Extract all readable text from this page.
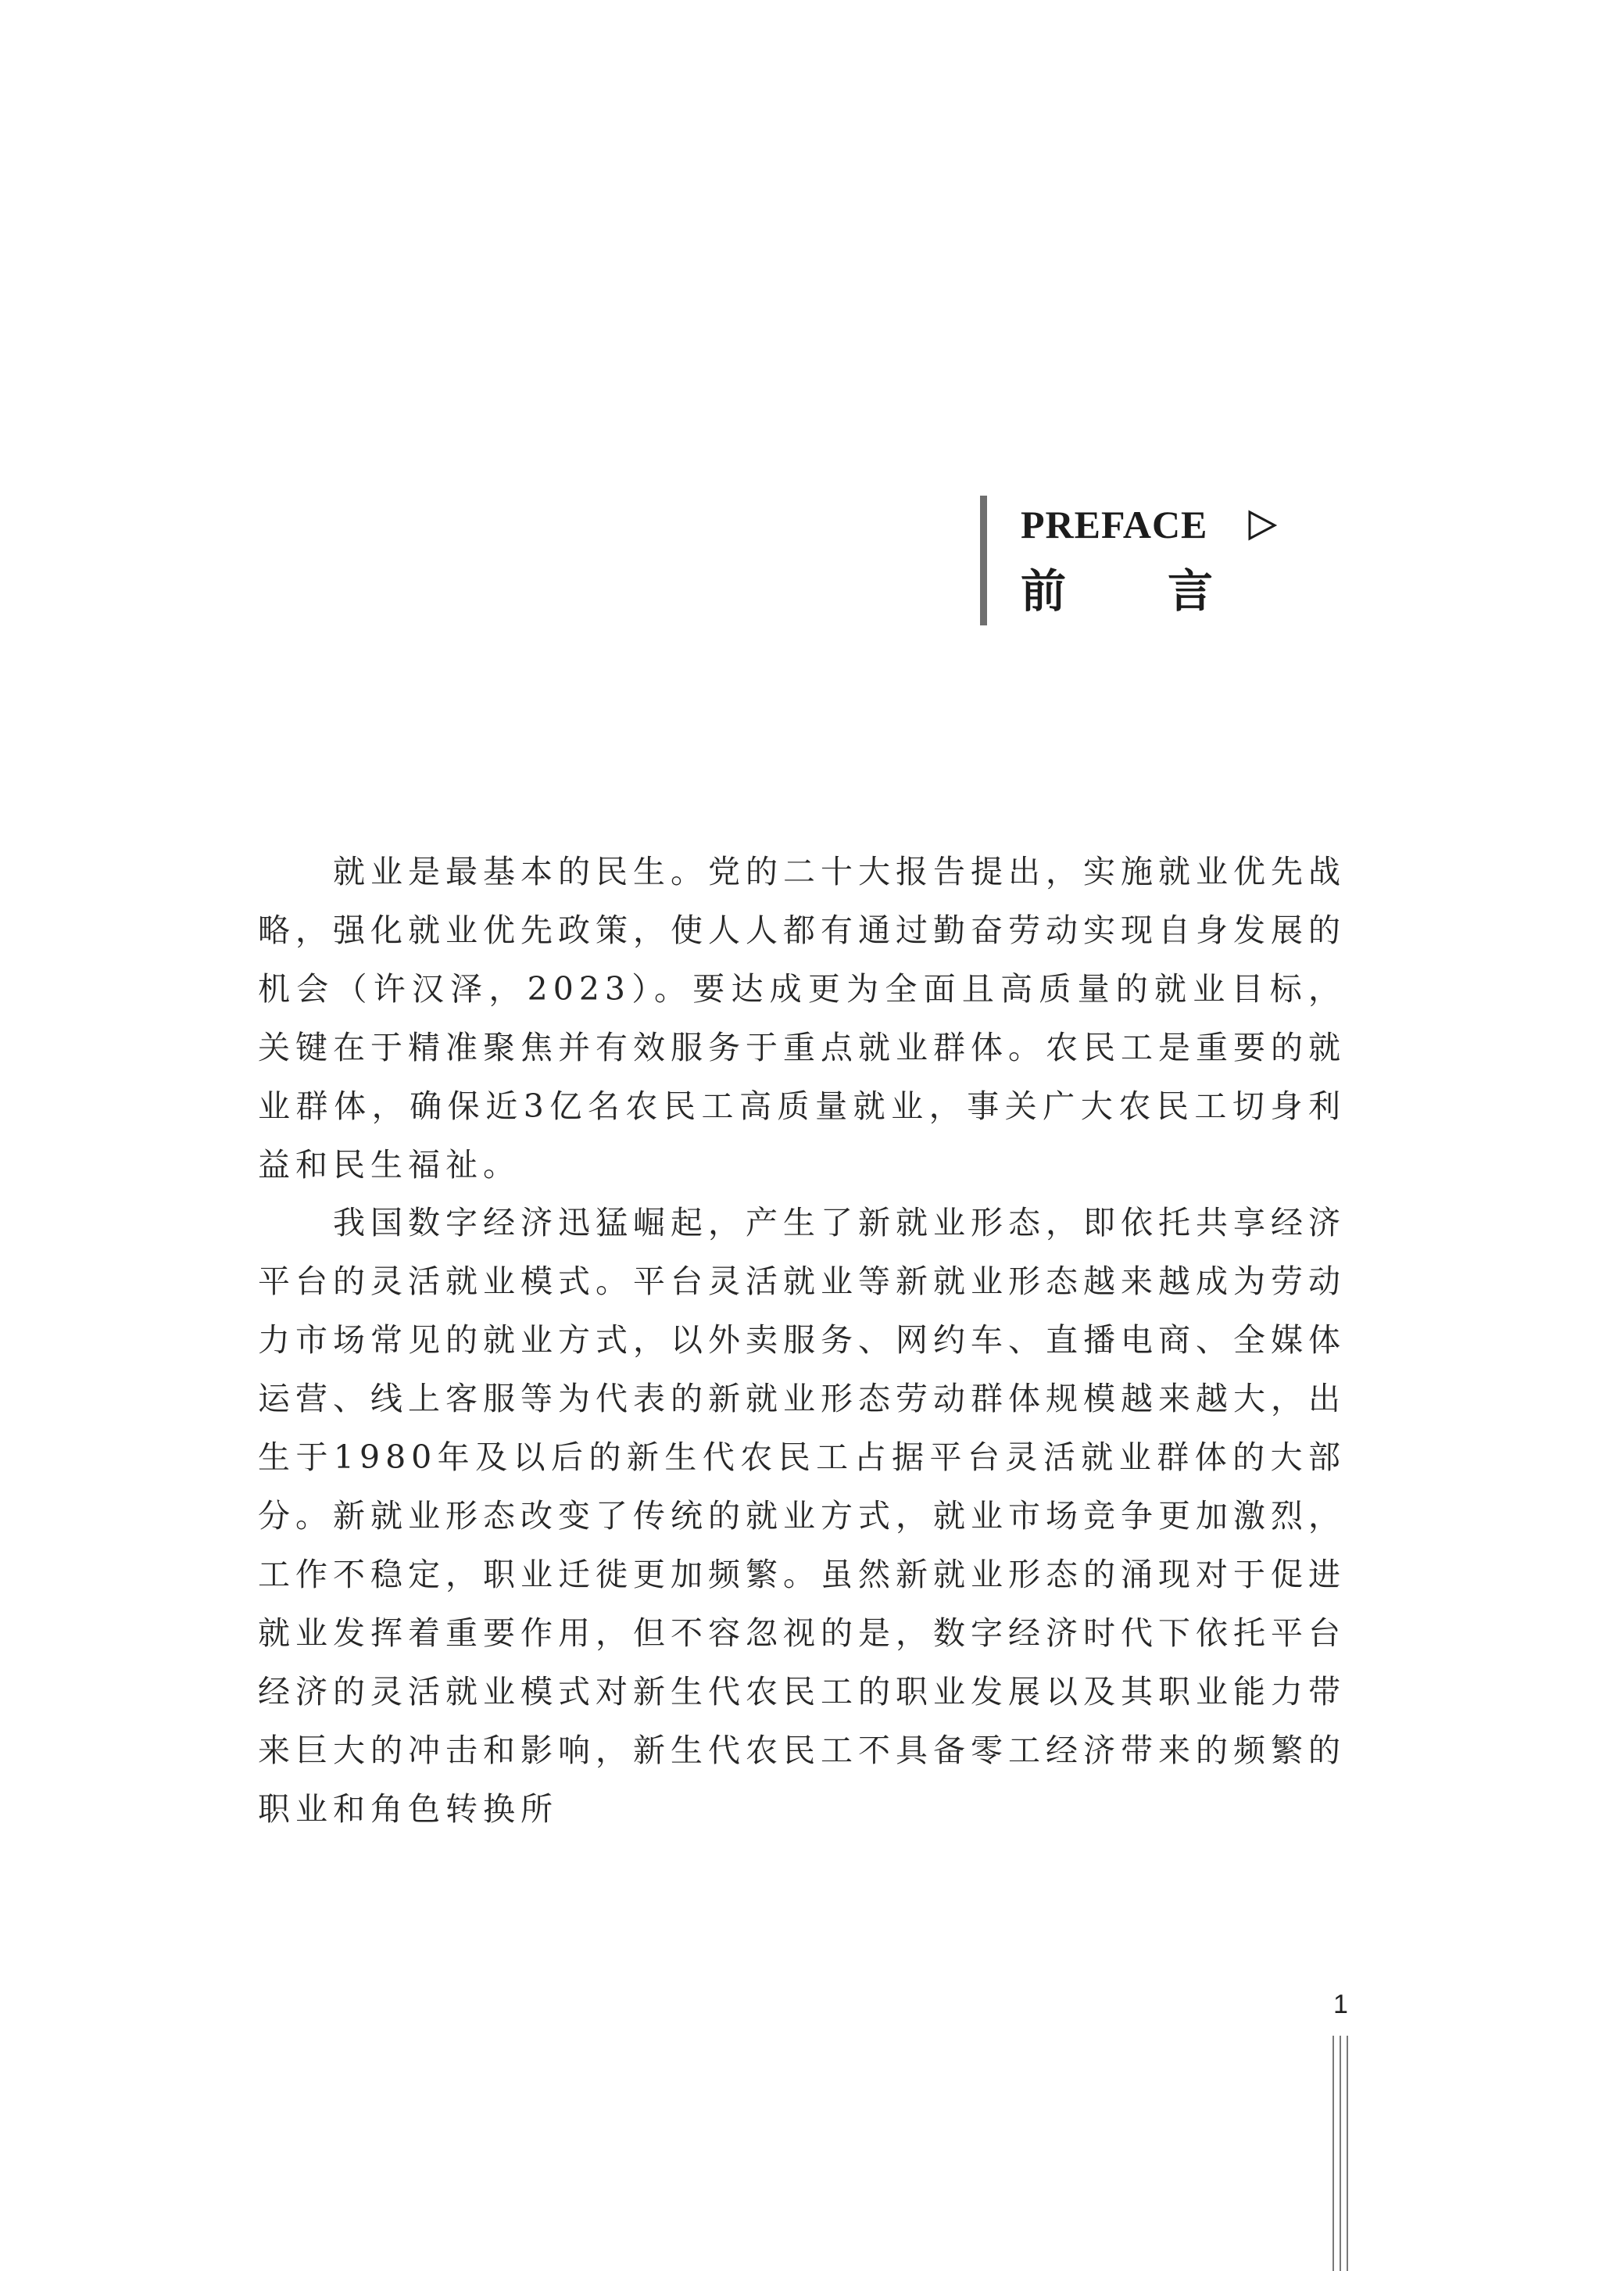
PREFACE
前言

就业是最基本的民生。党的二十大报告提出，实施就业优先战略，强化就业优先政策，使人人都有通过勤奋劳动实现自身发展的机会（许汉泽，2023）。要达成更为全面且高质量的就业目标，关键在于精准聚焦并有效服务于重点就业群体。农民工是重要的就业群体，确保近3亿名农民工高质量就业，事关广大农民工切身利益和民生福祉。

我国数字经济迅猛崛起，产生了新就业形态，即依托共享经济平台的灵活就业模式。平台灵活就业等新就业形态越来越成为劳动力市场常见的就业方式，以外卖服务、网约车、直播电商、全媒体运营、线上客服等为代表的新就业形态劳动群体规模越来越大，出生于1980年及以后的新生代农民工占据平台灵活就业群体的大部分。新就业形态改变了传统的就业方式，就业市场竞争更加激烈，工作不稳定，职业迁徙更加频繁。虽然新就业形态的涌现对于促进就业发挥着重要作用，但不容忽视的是，数字经济时代下依托平台经济的灵活就业模式对新生代农民工的职业发展以及其职业能力带来巨大的冲击和影响，新生代农民工不具备零工经济带来的频繁的职业和角色转换所

1
